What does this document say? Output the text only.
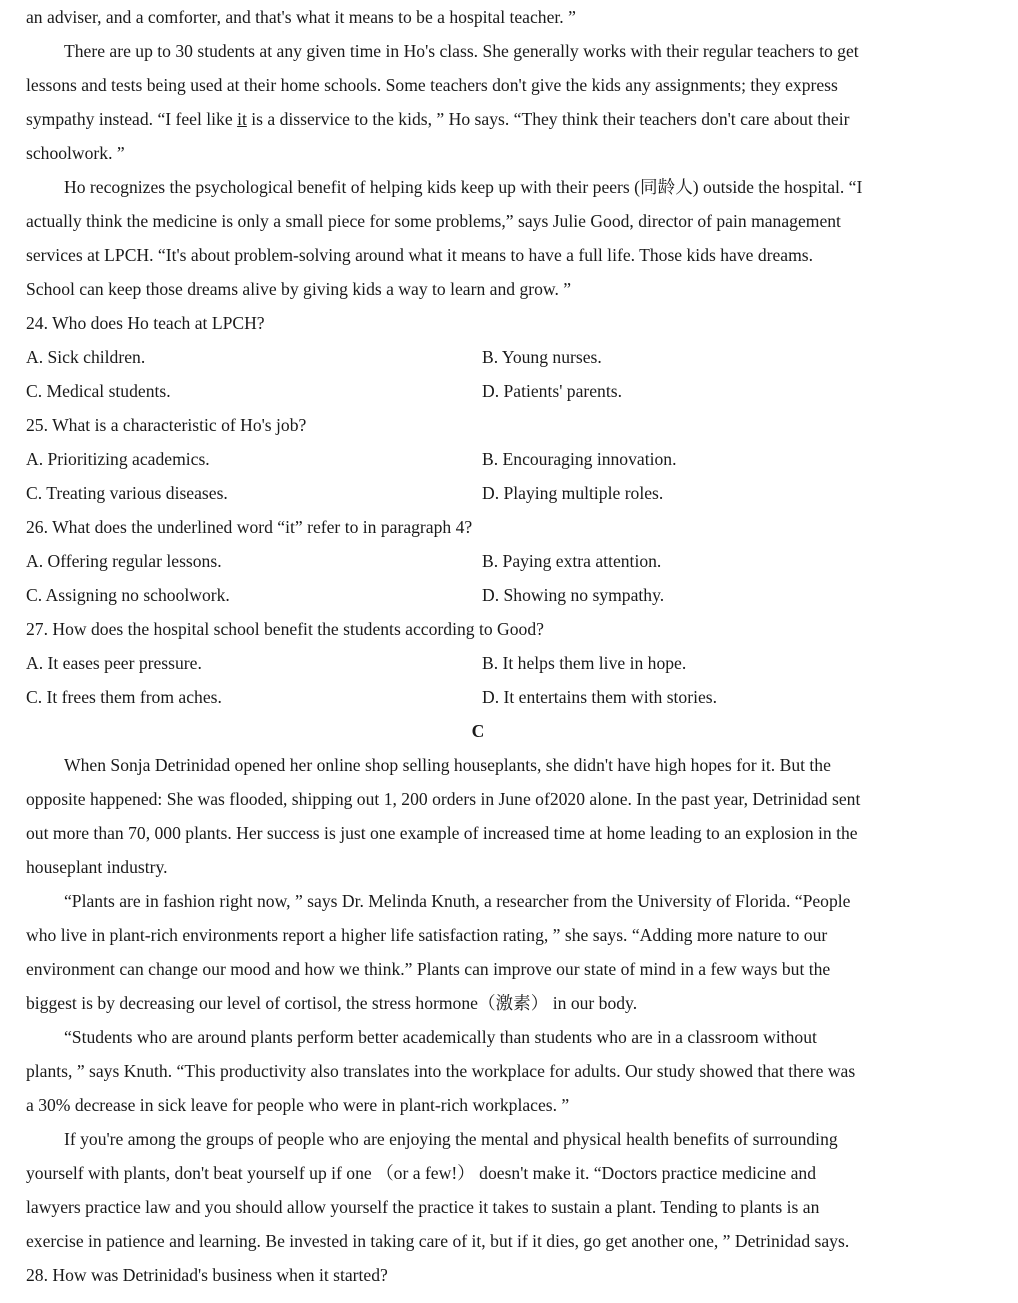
an adviser, and a comforter, and that's what it means to be a hospital teacher. ”
There are up to 30 students at any given time in Ho's class. She generally works with their regular teachers to get
lessons and tests being used at their home schools. Some teachers don't give the kids any assignments; they express
sympathy instead. “I feel like it is a disservice to the kids, ” Ho says. “They think their teachers don't care about their
schoolwork. ”
Ho recognizes the psychological benefit of helping kids keep up with their peers (同龄人) outside the hospital. “I
actually think the medicine is only a small piece for some problems,” says Julie Good, director of pain management
services at LPCH. “It's about problem-solving around what it means to have a full life. Those kids have dreams.
School can keep those dreams alive by giving kids a way to learn and grow. ”
24. Who does Ho teach at LPCH?
A. Sick children.	B. Young nurses.
C. Medical students.	D. Patients' parents.
25. What is a characteristic of Ho's job?
A. Prioritizing academics.	B. Encouraging innovation.
C. Treating various diseases.	D. Playing multiple roles.
26. What does the underlined word “it” refer to in paragraph 4?
A. Offering regular lessons.	B. Paying extra attention.
C. Assigning no schoolwork.	D. Showing no sympathy.
27. How does the hospital school benefit the students according to Good?
A. It eases peer pressure.	B. It helps them live in hope.
C. It frees them from aches.	D. It entertains them with stories.
C
When Sonja Detrinidad opened her online shop selling houseplants, she didn't have high hopes for it. But the
opposite happened: She was flooded, shipping out 1, 200 orders in June of2020 alone. In the past year, Detrinidad sent
out more than 70, 000 plants. Her success is just one example of increased time at home leading to an explosion in the
houseplant industry.
“Plants are in fashion right now, ” says Dr. Melinda Knuth, a researcher from the University of Florida. “People
who live in plant-rich environments report a higher life satisfaction rating, ” she says. “Adding more nature to our
environment can change our mood and how we think.” Plants can improve our state of mind in a few ways but the
biggest is by decreasing our level of cortisol, the stress hormone（激素） in our body.
“Students who are around plants perform better academically than students who are in a classroom without
plants, ” says Knuth. “This productivity also translates into the workplace for adults. Our study showed that there was
a 30% decrease in sick leave for people who were in plant-rich workplaces. ”
If you're among the groups of people who are enjoying the mental and physical health benefits of surrounding
yourself with plants, don't beat yourself up if one （or a few!） doesn't make it. “Doctors practice medicine and
lawyers practice law and you should allow yourself the practice it takes to sustain a plant. Tending to plants is an
exercise in patience and learning. Be invested in taking care of it, but if it dies, go get another one, ” Detrinidad says.
28. How was Detrinidad's business when it started?
